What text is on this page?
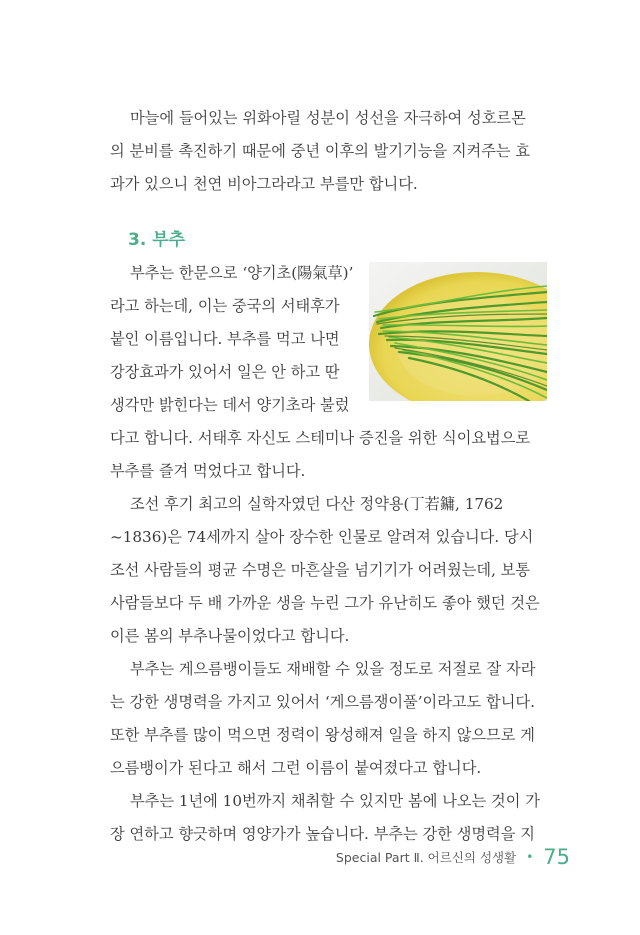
마늘에 들어있는 위화아릴 성분이 성선을 자극하여 성호르몬
의 분비를 촉진하기 때문에 중년 이후의 발기기능을 지켜주는 효
과가 있으니 천연 비아그라라고 부를만 합니다.
3. 부추
부추는 한문으로 ‘양기초(陽氣草)’
라고 하는데, 이는 중국의 서태후가
붙인 이름입니다. 부추를 먹고 나면
강장효과가 있어서 일은 안 하고 딴
생각만 밝힌다는 데서 양기초라 불렀
다고 합니다. 서태후 자신도 스테미나 증진을 위한 식이요법으로
부추를 즐겨 먹었다고 합니다.
조선 후기 최고의 실학자였던 다산 정약용(丁若鏞, 1762
~1836)은 74세까지 살아 장수한 인물로 알려져 있습니다. 당시
조선 사람들의 평균 수명은 마흔살을 넘기기가 어려웠는데, 보통
사람들보다 두 배 가까운 생을 누린 그가 유난히도 좋아 했던 것은
이른 봄의 부추나물이었다고 합니다.
부추는 게으름뱅이들도 재배할 수 있을 정도로 저절로 잘 자라
는 강한 생명력을 가지고 있어서 ‘게으름쟁이풀’이라고도 합니다.
또한 부추를 많이 먹으면 정력이 왕성해져 일을 하지 않으므로 게
으름뱅이가 된다고 해서 그런 이름이 붙여졌다고 합니다.
부추는 1년에 10번까지 채취할 수 있지만 봄에 나오는 것이 가
장 연하고 향긋하며 영양가가 높습니다. 부추는 강한 생명력을 지
Special Part Ⅱ. 어르신의 성생활 • 75
